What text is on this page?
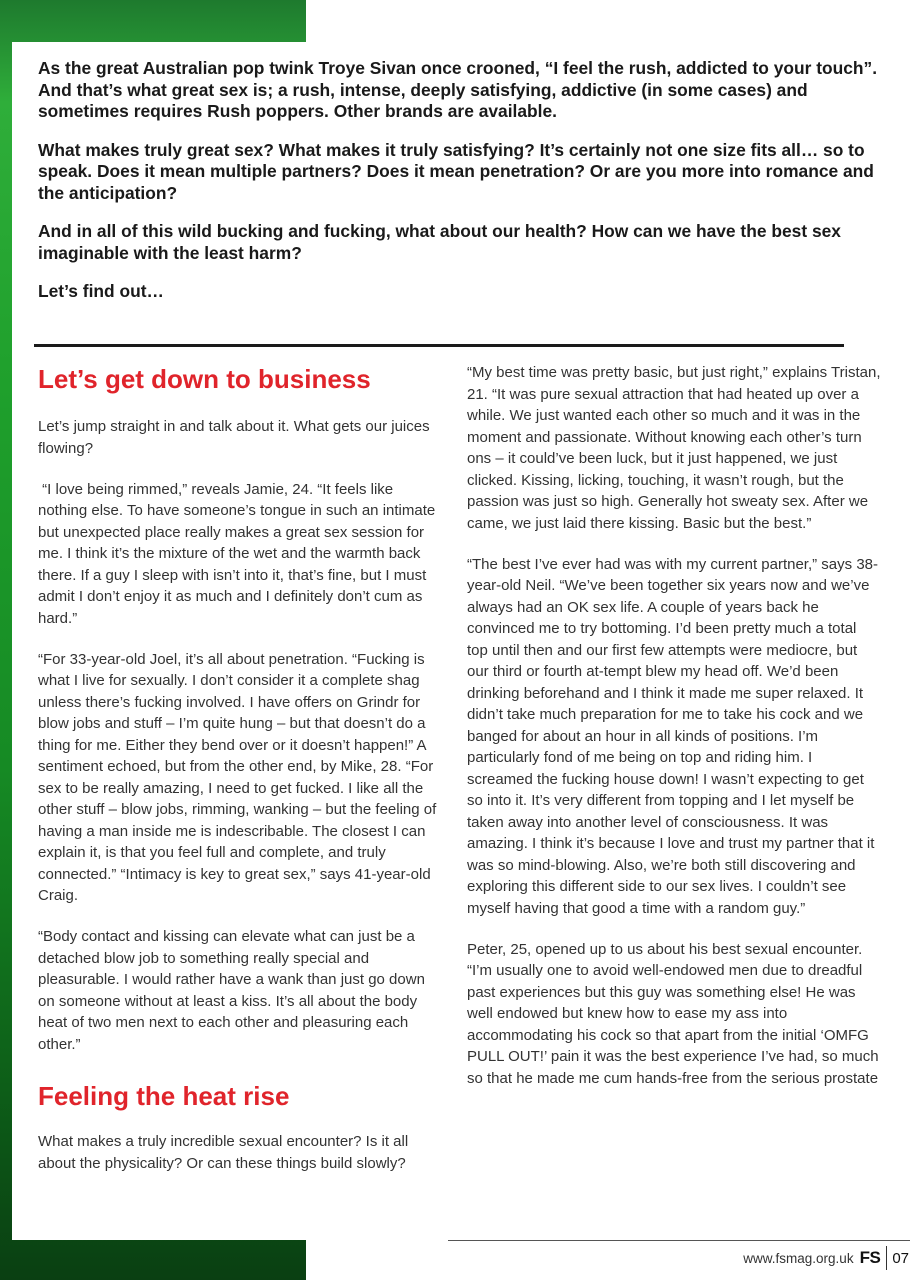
As the great Australian pop twink Troye Sivan once crooned, “I feel the rush, addicted to your touch”. And that’s what great sex is; a rush, intense, deeply satisfying, addictive (in some cases) and sometimes requires Rush poppers. Other brands are available.

What makes truly great sex? What makes it truly satisfying? It’s certainly not one size fits all… so to speak. Does it mean multiple partners? Does it mean penetration? Or are you more into romance and the anticipation?

And in all of this wild bucking and fucking, what about our health? How can we have the best sex imaginable with the least harm?

Let’s find out…

Let’s get down to business

Let’s jump straight in and talk about it. What gets our juices flowing?

“I love being rimmed,” reveals Jamie, 24. “It feels like nothing else. To have someone’s tongue in such an intimate but unexpected place really makes a great sex session for me. I think it’s the mixture of the wet and the warmth back there. If a guy I sleep with isn’t into it, that’s fine, but I must admit I don’t enjoy it as much and I definitely don’t cum as hard.”

“For 33-year-old Joel, it’s all about penetration. “Fucking is what I live for sexually. I don’t consider it a complete shag unless there’s fucking involved. I have offers on Grindr for blow jobs and stuff – I’m quite hung – but that doesn’t do a thing for me. Either they bend over or it doesn’t happen!” A sentiment echoed, but from the other end, by Mike, 28. “For sex to be really amazing, I need to get fucked. I like all the other stuff – blow jobs, rimming, wanking – but the feeling of having a man inside me is indescribable. The closest I can explain it, is that you feel full and complete, and truly connected.” “Intimacy is key to great sex,” says 41-year-old Craig.

“Body contact and kissing can elevate what can just be a detached blow job to something really special and pleasurable. I would rather have a wank than just go down on someone without at least a kiss. It’s all about the body heat of two men next to each other and pleasuring each other.”

Feeling the heat rise

What makes a truly incredible sexual encounter? Is it all about the physicality? Or can these things build slowly?

“My best time was pretty basic, but just right,” explains Tristan, 21. “It was pure sexual attraction that had heated up over a while. We just wanted each other so much and it was in the moment and passionate. Without knowing each other’s turn ons – it could’ve been luck, but it just happened, we just clicked. Kissing, licking, touching, it wasn’t rough, but the passion was just so high. Generally hot sweaty sex. After we came, we just laid there kissing. Basic but the best.”

“The best I’ve ever had was with my current partner,” says 38-year-old Neil. “We’ve been together six years now and we’ve always had an OK sex life. A couple of years back he convinced me to try bottoming. I’d been pretty much a total top until then and our first few attempts were mediocre, but our third or fourth at-tempt blew my head off. We’d been drinking beforehand and I think it made me super relaxed. It didn’t take much preparation for me to take his cock and we banged for about an hour in all kinds of positions. I’m particularly fond of me being on top and riding him. I screamed the fucking house down! I wasn’t expecting to get so into it. It’s very different from topping and I let myself be taken away into another level of consciousness. It was amazing. I think it’s because I love and trust my partner that it was so mind-blowing. Also, we’re both still discovering and exploring this different side to our sex lives. I couldn’t see myself having that good a time with a random guy.”

Peter, 25, opened up to us about his best sexual encounter. “I’m usually one to avoid well-endowed men due to dreadful past experiences but this guy was something else! He was well endowed but knew how to ease my ass into accommodating his cock so that apart from the initial ‘OMFG PULL OUT!’ pain it was the best experience I’ve had, so much so that he made me cum hands-free from the serious prostate

www.fsmag.org.uk FS 07
